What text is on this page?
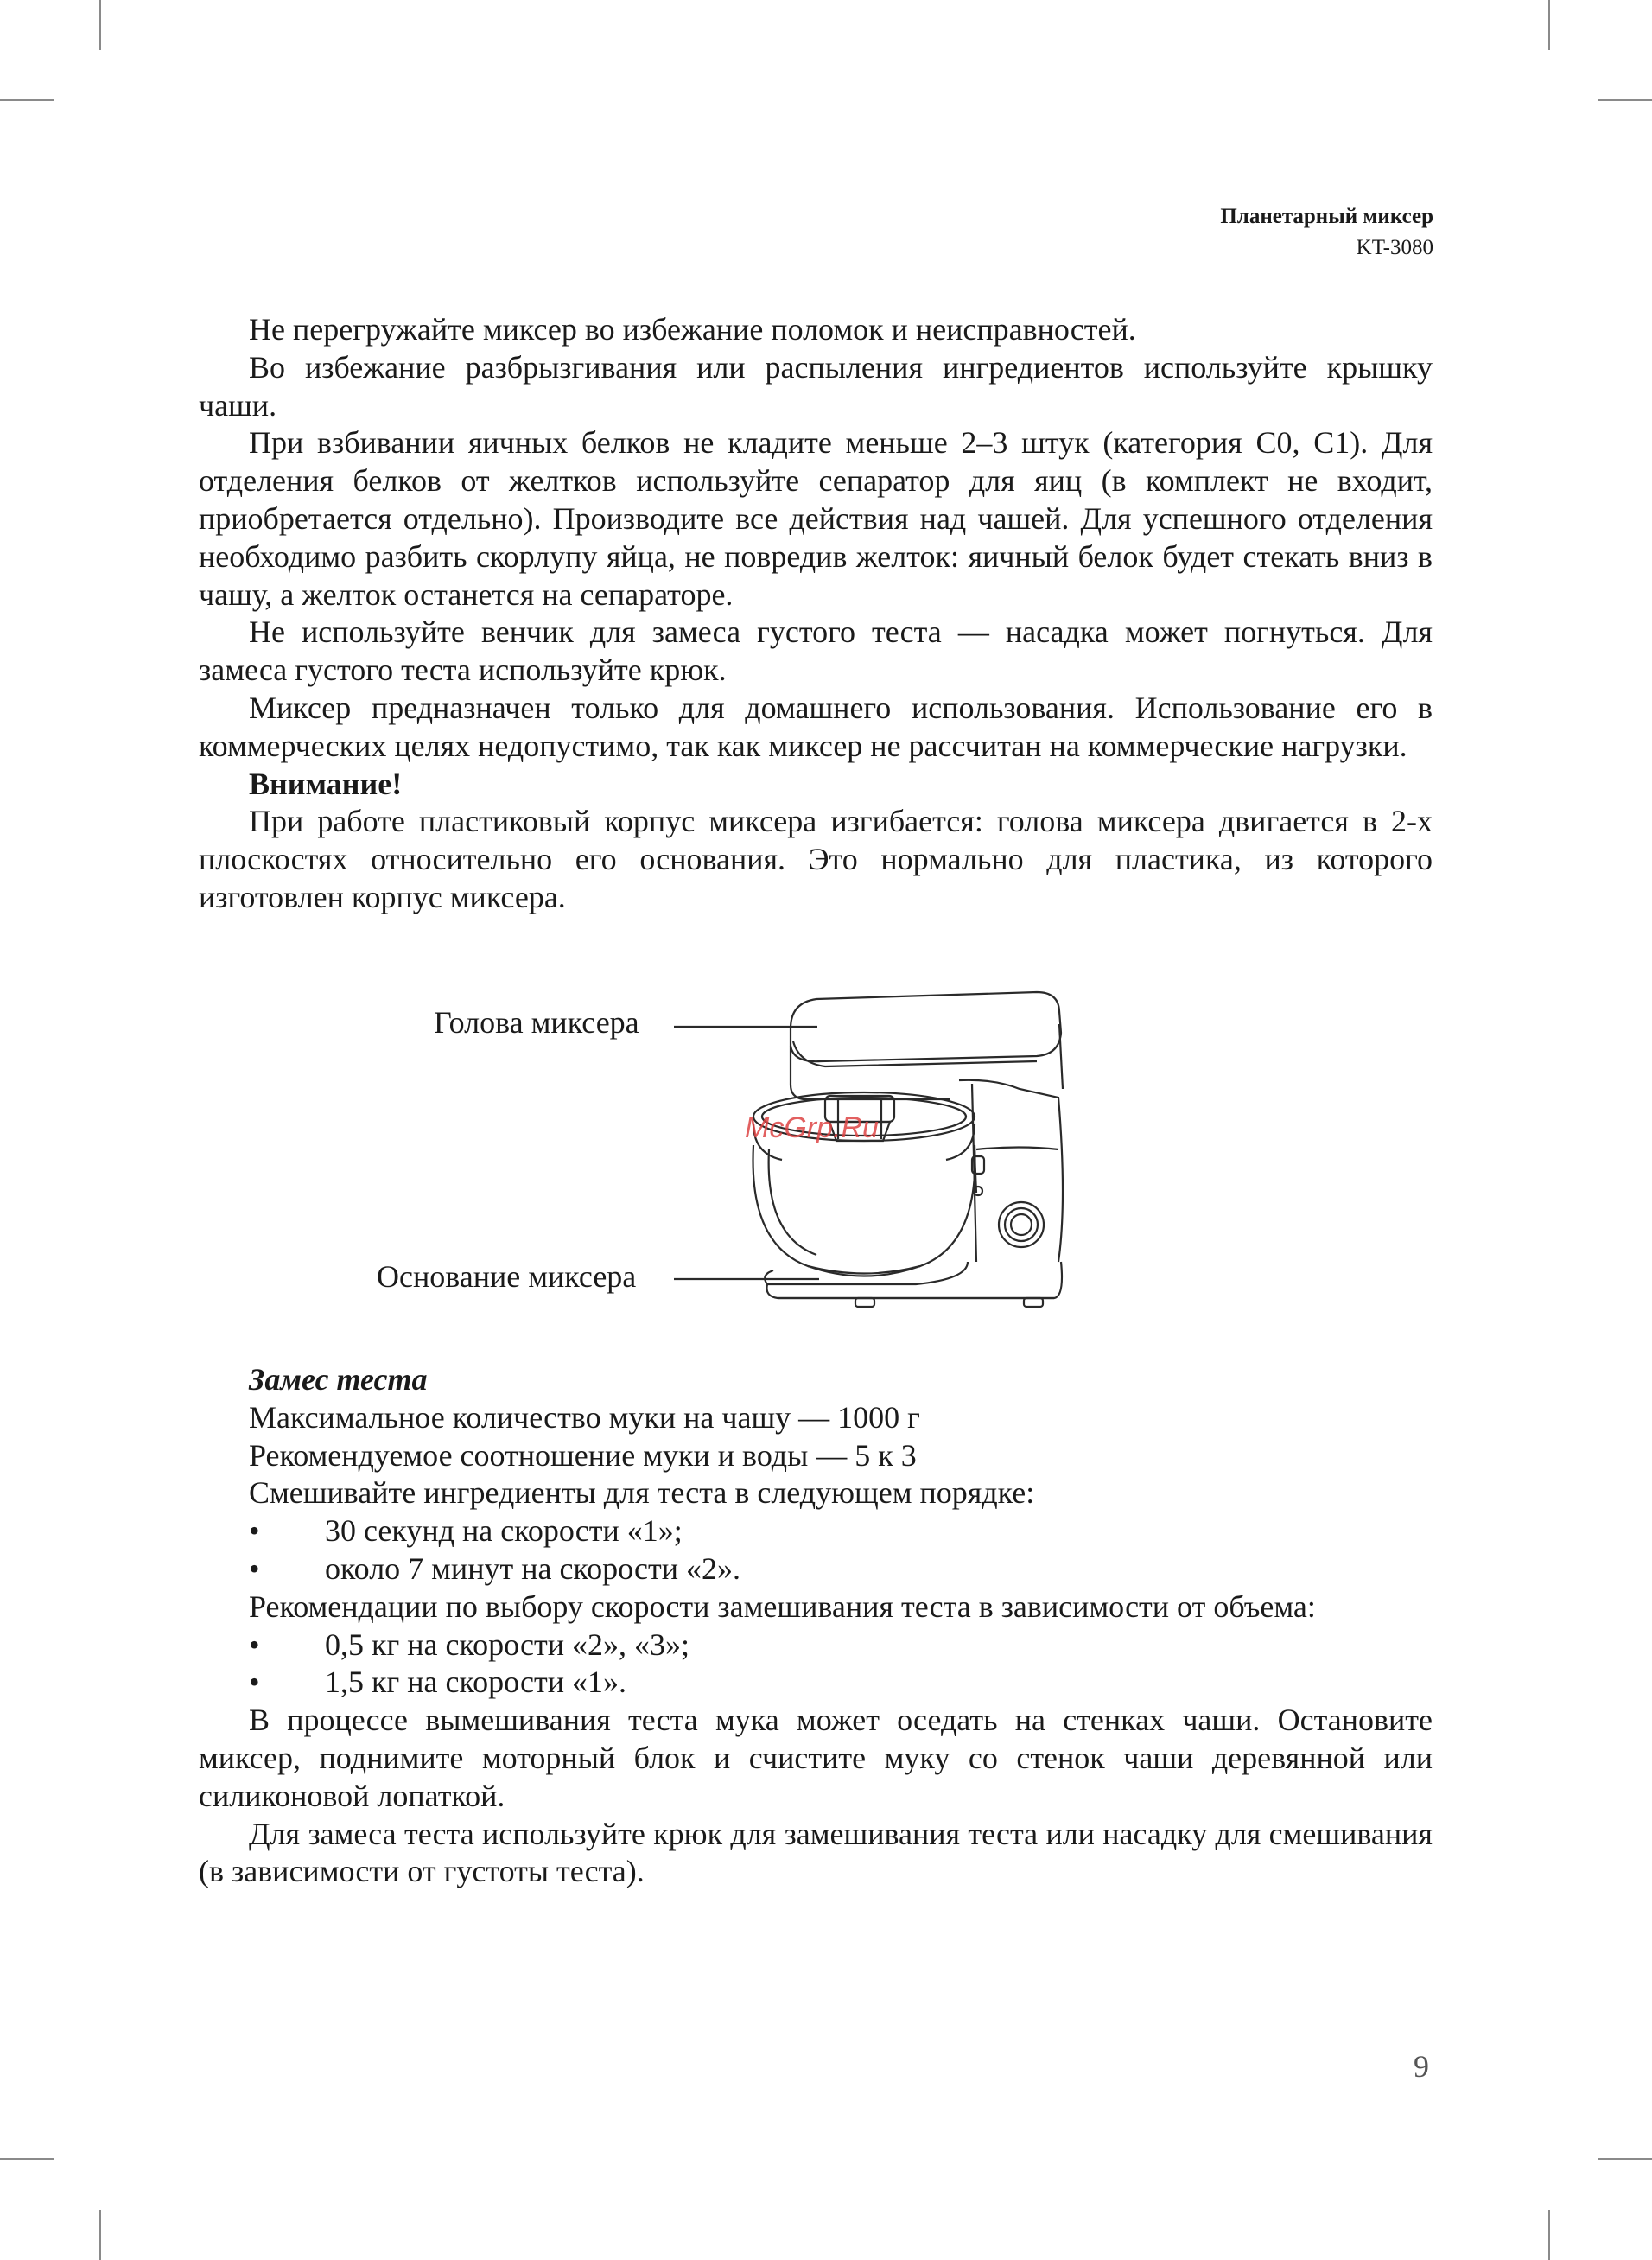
Планетарный миксер
KT-3080

Не перегружайте миксер во избежание поломок и неисправностей.

Во избежание разбрызгивания или распыления ингредиентов используйте крышку чаши.

При взбивании яичных белков не кладите меньше 2–3 штук (категория С0, С1). Для отделения белков от желтков используйте сепаратор для яиц (в комплект не входит, приобретается отдельно). Производите все действия над чашей. Для успешного отделения необходимо разбить скорлупу яйца, не повредив желток: яичный белок будет стекать вниз в чашу, а желток останется на сепараторе.

Не используйте венчик для замеса густого теста — насадка может погнуться. Для замеса густого теста используйте крюк.

Миксер предназначен только для домашнего использования. Использование его в коммерческих целях недопустимо, так как миксер не рассчитан на коммерческие нагрузки.

Внимание!

При работе пластиковый корпус миксера изгибается: голова миксера двигается в 2-х плоскостях относительно его основания. Это нормально для пластика, из которого изготовлен корпус миксера.

Голова миксера
Основание миксера
McGrp.Ru

Замес теста

Максимальное количество муки на чашу — 1000 г

Рекомендуемое соотношение муки и воды — 5 к 3

Смешивайте ингредиенты для теста в следующем порядке:

• 30 секунд на скорости «1»;

• около 7 минут на скорости «2».

Рекомендации по выбору скорости замешивания теста в зависимости от объема:

• 0,5 кг на скорости «2», «3»;

• 1,5 кг на скорости «1».

В процессе вымешивания теста мука может оседать на стенках чаши. Остановите миксер, поднимите моторный блок и счистите муку со стенок чаши деревянной или силиконовой лопаткой.

Для замеса теста используйте крюк для замешивания теста или насадку для смешивания (в зависимости от густоты теста).

9
